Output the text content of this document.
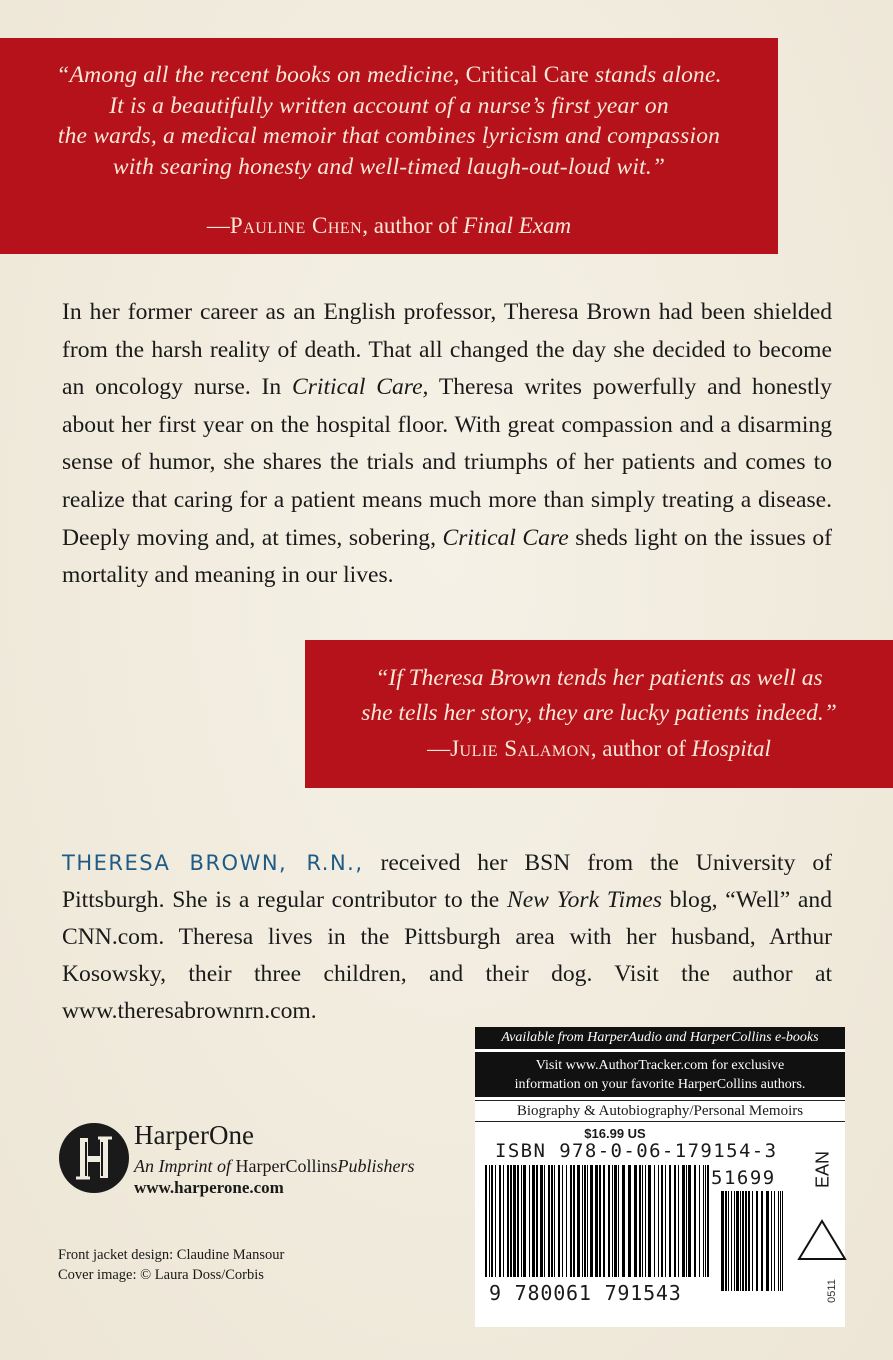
“Among all the recent books on medicine, Critical Care stands alone.
It is a beautifully written account of a nurse’s first year on
the wards, a medical memoir that combines lyricism and compassion
with searing honesty and well-timed laugh-out-loud wit.”
—Pauline Chen, author of Final Exam
In her former career as an English professor, Theresa Brown had been shielded from the harsh reality of death. That all changed the day she decided to become an oncology nurse. In Critical Care, Theresa writes powerfully and honestly about her first year on the hospital floor. With great compassion and a disarming sense of humor, she shares the trials and triumphs of her patients and comes to realize that caring for a patient means much more than simply treating a disease. Deeply moving and, at times, sobering, Critical Care sheds light on the issues of mortality and meaning in our lives.
“If Theresa Brown tends her patients as well as
she tells her story, they are lucky patients indeed.”
—Julie Salamon, author of Hospital
THERESA BROWN, R.N., received her BSN from the University of Pittsburgh. She is a regular contributor to the New York Times blog, “Well” and CNN.com. Theresa lives in the Pittsburgh area with her husband, Arthur Kosowsky, their three children, and their dog. Visit the author at www.theresabrownrn.com.
HarperOne
An Imprint of HarperCollinsPublishers
www.harperone.com
Front jacket design: Claudine Mansour
Cover image: © Laura Doss/Corbis
Available from HarperAudio and HarperCollins e-books
Visit www.AuthorTracker.com for exclusive
information on your favorite HarperCollins authors.
Biography & Autobiography/Personal Memoirs
$16.99 US
ISBN 978-0-06-179154-3
51699 EAN
9 780061 791543	0511
